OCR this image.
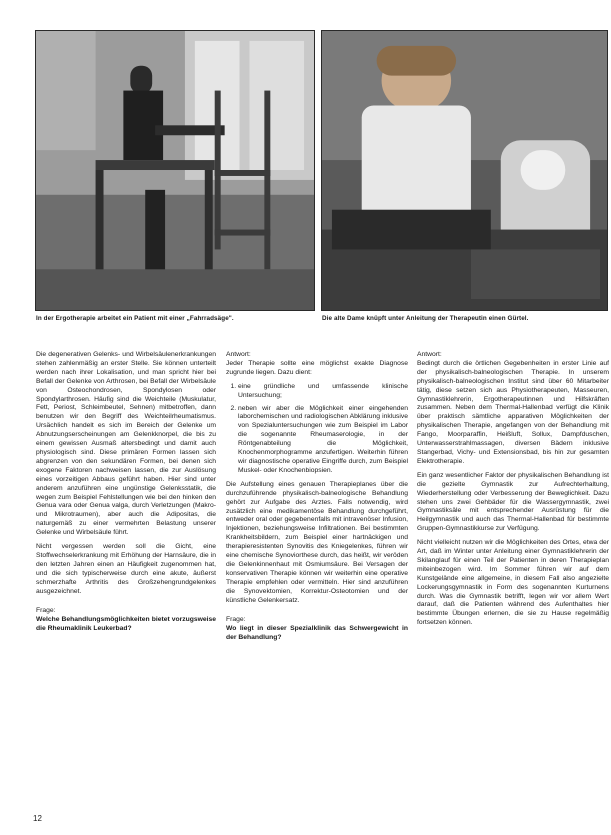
In der Ergotherapie arbeitet ein Patient mit einer „Fahrradsäge".	Die alte Dame knüpft unter Anleitung der Therapeutin einen Gürtel.

Die degenerativen Gelenks- und Wirbelsäulenerkrankungen stehen zahlenmäßig an erster Stelle. Sie können unterteilt werden nach ihrer Lokalisation, und man spricht hier bei Befall der Gelenke von Arthrosen, bei Befall der Wirbelsäule von Osteochondrosen, Spondylosen oder Spondylarthrosen. Häufig sind die Weichteile (Muskulatur, Fett, Periost, Schleimbeutel, Sehnen) mitbetroffen, dann benutzen wir den Begriff des Weichteilrheumatismus. Ursächlich handelt es sich im Bereich der Gelenke um Abnutzungserscheinungen am Gelenkknorpel, die bis zu einem gewissen Ausmaß altersbedingt und damit auch physiologisch sind. Diese primären Formen lassen sich abgrenzen von den sekundären Formen, bei denen sich exogene Faktoren nachweisen lassen, die zur Auslösung eines vorzeitigen Abbaus geführt haben. Hier sind unter anderem anzuführen eine ungünstige Gelenksstatik, die wegen zum Beispiel Fehlstellungen wie bei den hinken den Genua vara oder Genua valga, durch Verletzungen (Makro- und Mikrotraumen), aber auch die Adipositas, die naturgemäß zu einer vermehrten Belastung unserer Gelenke und Wirbelsäule führt.

Nicht vergessen werden soll die Gicht, eine Stoffwechselerkrankung mit Erhöhung der Harnsäure, die in den letzten Jahren einen an Häufigkeit zugenommen hat, und die sich typischerweise durch eine akute, äußerst schmerzhafte Arthritis des Großzehengrundgelenkes ausgezeichnet.

Frage:
Welche Behandlungsmöglichkeiten bietet vorzugsweise die Rheumaklinik Leukerbad?
Antwort:

Jeder Therapie sollte eine möglichst exakte Diagnose zugrunde liegen. Dazu dient:

1. eine gründliche und umfassende klinische Untersuchung;
2. neben wir aber die Möglichkeit einer eingehenden laborchemischen und radiologischen Abklärung inklusive von Spezialuntersuchungen wie zum Beispiel im Labor die sogenannte Rheumaserologie, in der Röntgenabteilung die Möglichkeit, Knochenmorphogramme anzufertigen. Weiterhin führen wir diagnostische operative Eingriffe durch, zum Beispiel Muskel- oder Knochenbiopsien.

Die Aufstellung eines genauen Therapieplanes über die durchzuführende physikalisch-balneologische Behandlung gehört zur Aufgabe des Arztes. Falls notwendig, wird zusätzlich eine medikamentöse Behandlung durchgeführt, entweder oral oder gegebenenfalls mit intravenöser Infusion, Injektionen, beziehungsweise Infiltrationen. Bei bestimmten Krankheitsbildern, zum Beispiel einer hartnäckigen und therapieresistenten Synovitis des Kniegelenkes, führen wir eine chemische Synoviorthese durch, das heißt, wir veröden die Gelenkinnenhaut mit Osmiumsäure. Bei Versagen der konservativen Therapie können wir weiterhin eine operative Therapie empfehlen oder vermitteln. Hier sind anzuführen die Synovektomien, Korrektur-Osteotomien und der künstliche Gelenkersatz.

Frage:
Wo liegt in dieser Spezialklinik das Schwergewicht in der Behandlung?
Antwort:

Bedingt durch die örtlichen Gegebenheiten in erster Linie auf der physikalisch-balneologischen Therapie. In unserem physikalisch-balneologischen Institut sind über 60 Mitarbeiter tätig, diese setzen sich aus Physiotherapeuten, Masseuren, Gymnastiklehrerin, Ergotherapeutinnen und Hilfskräften zusammen. Neben dem Thermal-Hallenbad verfügt die Klinik über praktisch sämtliche apparativen Möglichkeiten der physikalischen Therapie, angefangen von der Behandlung mit Fango, Moorparaffin, Heißluft, Sollux, Dampfduschen, Unterwasserstrahlmassagen, diversen Bädern inklusive Stangerbad, Vichy- und Extensionsbad, bis hin zur gesamten Elektrotherapie.

Ein ganz wesentlicher Faktor der physikalischen Behandlung ist die gezielte Gymnastik zur Aufrechterhaltung, Wiederherstellung oder Verbesserung der Beweglichkeit. Dazu stehen uns zwei Gehbäder für die Wassergymnastik, zwei Gymnastiksäle mit entsprechender Ausrüstung für die Heilgymnastik und auch das Thermal-Hallenbad für bestimmte Gruppen-Gymnastikkurse zur Verfügung.

Nicht vielleicht nutzen wir die Möglichkeiten des Ortes, etwa der Art, daß im Winter unter Anleitung einer Gymnastiklehrerin der Skilanglauf für einen Teil der Patienten in deren Therapieplan miteinbezogen wird. Im Sommer führen wir auf dem Kunstgelände eine allgemeine, in diesem Fall also angezielte Lockerungsgymnastik in Form des sogenannten Kurturnens durch. Was die Gymnastik betrifft, legen wir vor allem Wert darauf, daß die Patienten während des Aufenthaltes hier bestimmte Übungen erlernen, die sie zu Hause regelmäßig fortsetzen können.

12
